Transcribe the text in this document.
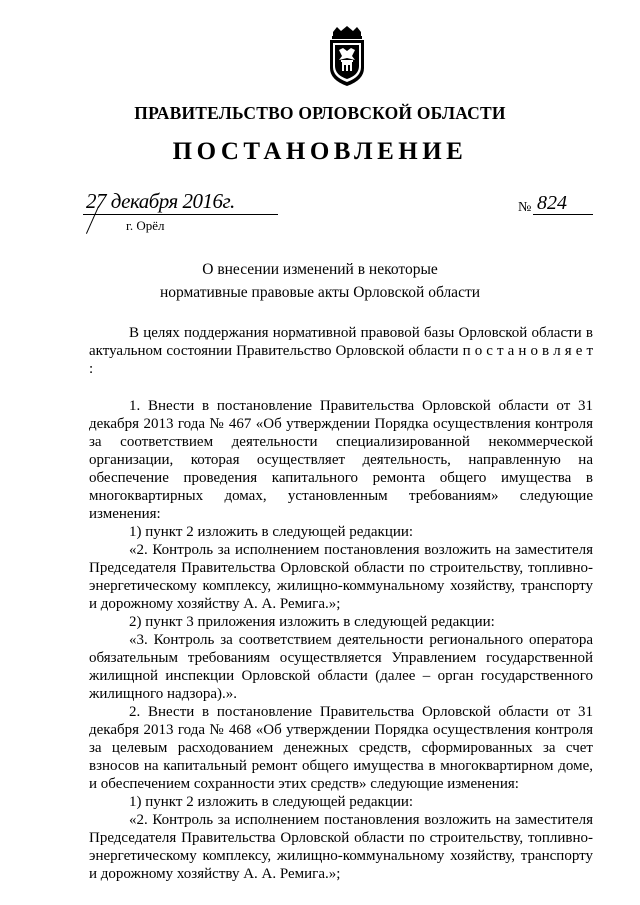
ПРАВИТЕЛЬСТВО ОРЛОВСКОЙ ОБЛАСТИ
ПОСТАНОВЛЕНИЕ
27 декабря 2016г.
г. Орёл
№ 824
О внесении изменений в некоторые
нормативные правовые акты Орловской области

В целях поддержания нормативной правовой базы Орловской области в актуальном состоянии Правительство Орловской области п о с т а н о в л я е т :

1. Внести в постановление Правительства Орловской области от 31 декабря 2013 года № 467 «Об утверждении Порядка осуществления контроля за соответствием деятельности специализированной некоммерческой организации, которая осуществляет деятельность, направленную на обеспечение проведения капитального ремонта общего имущества в многоквартирных домах, установленным требованиям» следующие изменения:

1) пункт 2 изложить в следующей редакции:

«2. Контроль за исполнением постановления возложить на заместителя Председателя Правительства Орловской области по строительству, топливно-энергетическому комплексу, жилищно-коммунальному хозяйству, транспорту и дорожному хозяйству А. А. Ремига.»;

2) пункт 3 приложения изложить в следующей редакции:

«3. Контроль за соответствием деятельности регионального оператора обязательным требованиям осуществляется Управлением государственной жилищной инспекции Орловской области (далее – орган государственного жилищного надзора).».

2. Внести в постановление Правительства Орловской области от 31 декабря 2013 года № 468 «Об утверждении Порядка осуществления контроля за целевым расходованием денежных средств, сформированных за счет взносов на капитальный ремонт общего имущества в многоквартирном доме, и обеспечением сохранности этих средств» следующие изменения:

1) пункт 2 изложить в следующей редакции:

«2. Контроль за исполнением постановления возложить на заместителя Председателя Правительства Орловской области по строительству, топливно-энергетическому комплексу, жилищно-коммунальному хозяйству, транспорту и дорожному хозяйству А. А. Ремига.»;
